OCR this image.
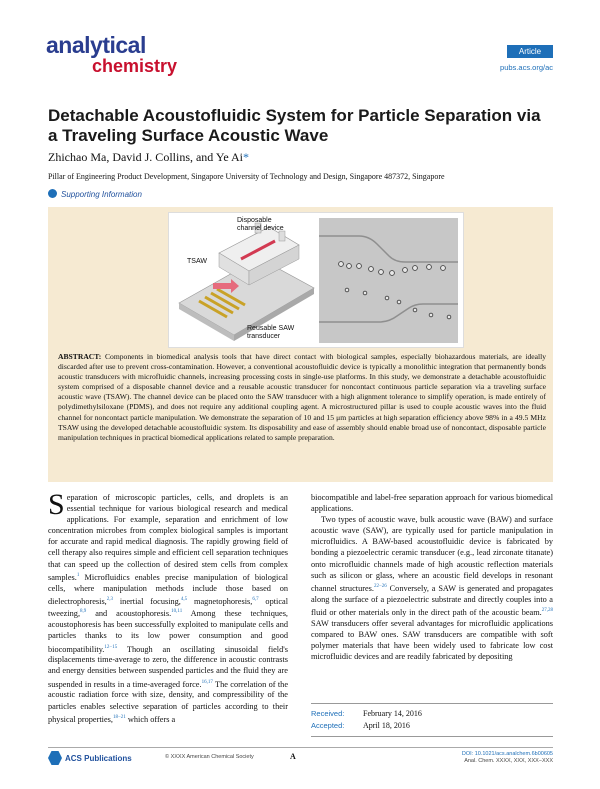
analytical
chemistry
Article
pubs.acs.org/ac
Detachable Acoustofluidic System for Particle Separation via a Traveling Surface Acoustic Wave
Zhichao Ma, David J. Collins, and Ye Ai*
Pillar of Engineering Product Development, Singapore University of Technology and Design, Singapore 487372, Singapore
Supporting Information
Disposable channel device
TSAW
Reusable SAW transducer
ABSTRACT: Components in biomedical analysis tools that have direct contact with biological samples, especially biohazardous materials, are ideally discarded after use to prevent cross-contamination. However, a conventional acoustofluidic device is typically a monolithic integration that permanently bonds acoustic transducers with microfluidic channels, increasing processing costs in single-use platforms. In this study, we demonstrate a detachable acoustofluidic system comprised of a disposable channel device and a reusable acoustic transducer for noncontact continuous particle separation via a traveling surface acoustic wave (TSAW). The channel device can be placed onto the SAW transducer with a high alignment tolerance to simplify operation, is made entirely of polydimethylsiloxane (PDMS), and does not require any additional coupling agent. A microstructured pillar is used to couple acoustic waves into the fluid channel for noncontact particle manipulation. We demonstrate the separation of 10 and 15 μm particles at high separation efficiency above 98% in a 49.5 MHz TSAW using the developed detachable acoustofluidic system. Its disposability and ease of assembly should enable broad use of noncontact, disposable particle manipulation techniques in practical biomedical applications related to sample preparation.
Separation of microscopic particles, cells, and droplets is an essential technique for various biological research and medical applications. For example, separation and enrichment of low concentration microbes from complex biological samples is important for accurate and rapid medical diagnosis. The rapidly growing field of cell therapy also requires simple and efficient cell separation techniques that can speed up the collection of desired stem cells from complex samples.$^1$ Microfluidics enables precise manipulation of biological cells, where manipulation methods include those based on dielectrophoresis,$^{2,3}$ inertial focusing,$^{4,5}$ magnetophoresis,$^{6,7}$ optical tweezing,$^{8,9}$ and acoustophoresis.$^{10,11}$ Among these techniques, acoustophoresis has been successfully exploited to manipulate cells and particles thanks to its low power consumption and good biocompatibility.$^{12-15}$ Though an oscillating sinusoidal field's displacements time-average to zero, the difference in acoustic contrasts and energy densities between suspended particles and the fluid they are suspended in results in a time-averaged force.$^{16,17}$ The correlation of the acoustic radiation force with size, density, and compressibility of the particles enables selective separation of particles according to their physical properties,$^{18-21}$ which offers a

biocompatible and label-free separation approach for various biomedical applications.

Two types of acoustic wave, bulk acoustic wave (BAW) and surface acoustic wave (SAW), are typically used for particle manipulation in microfluidics. A BAW-based acoustofluidic device is fabricated by bonding a piezoelectric ceramic transducer (e.g., lead zirconate titanate) onto microfluidic channels made of high acoustic reflection materials such as silicon or glass, where an acoustic field develops in resonant channel structures.$^{22-26}$ Conversely, a SAW is generated and propagates along the surface of a piezoelectric substrate and directly couples into a fluid or other materials only in the direct path of the acoustic beam.$^{27,28}$ SAW transducers offer several advantages for microfluidic applications compared to BAW ones. SAW transducers are compatible with soft polymer materials that have been widely used to fabricate low cost microfluidic devices and are readily fabricated by depositing

Received: February 14, 2016
Accepted: April 18, 2016
ACS Publications	© XXXX American Chemical Society	A	DOI: 10.1021/acs.analchem.6b00605
Anal. Chem. XXXX, XXX, XXX−XXX
